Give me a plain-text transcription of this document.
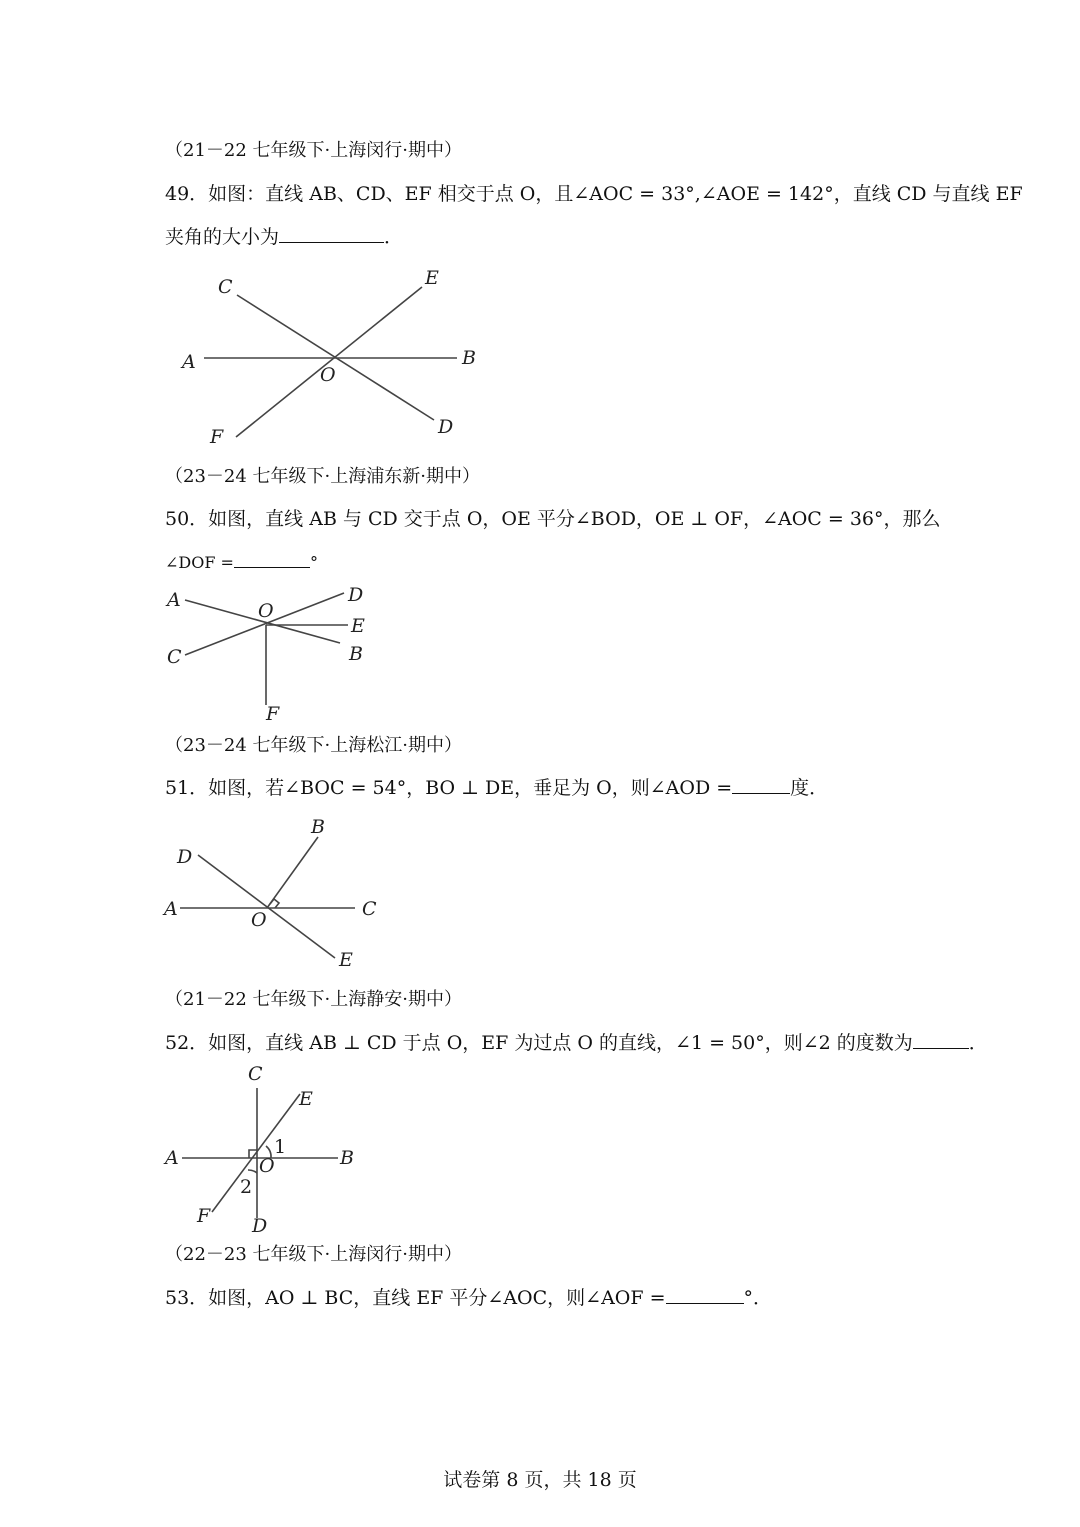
（21－22 七年级下·上海闵行·期中）
49．如图：直线 AB、CD、EF 相交于点 O，且∠AOC = 33°,∠AOE = 142°，直线 CD 与直线 EF
夹角的大小为	．
A	B
C
D
E
F
O
（23－24 七年级下·上海浦东新·期中）
50．如图，直线 AB 与 CD 交于点 O，OE 平分∠BOD，OE ⊥ OF，∠AOC = 36°，那么
∠DOF =	°
A
B
C
D
E
F
O
（23－24 七年级下·上海松江·期中）
51．如图，若∠BOC = 54°，BO ⊥ DE，垂足为 O，则∠AOD =	度．
A
B
C
D
E
O
（21－22 七年级下·上海静安·期中）
52．如图，直线 AB ⊥ CD 于点 O，EF 为过点 O 的直线，∠1 = 50°，则∠2 的度数为	．
A	B
C
D
E
F
O
1
2
（22－23 七年级下·上海闵行·期中）
53．如图，AO ⊥ BC，直线 EF 平分∠AOC，则∠AOF =	°．
试卷第 8 页，共 18 页
